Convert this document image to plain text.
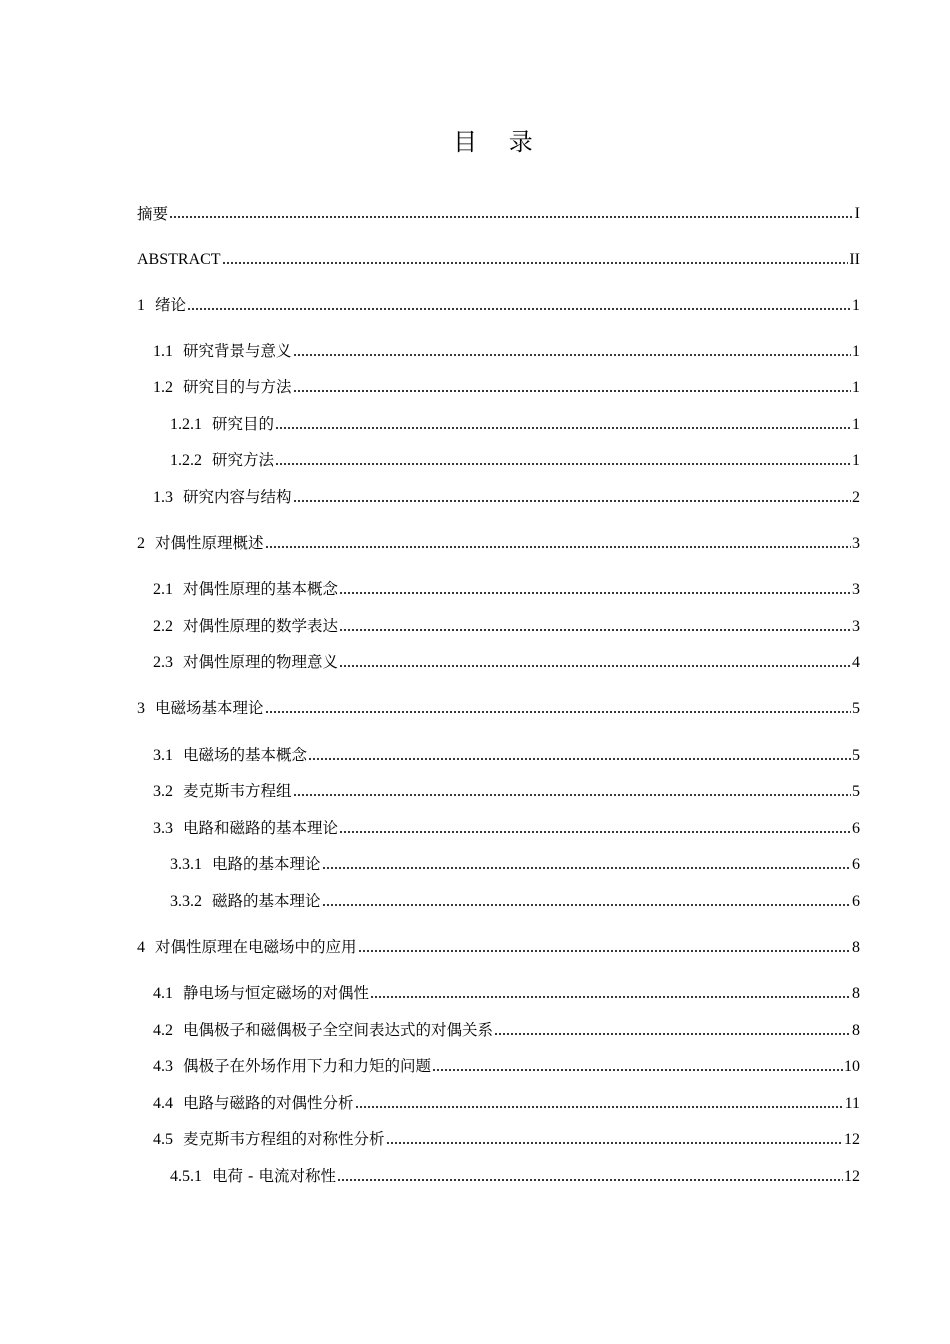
目 录
摘要	I
ABSTRACT	II
1 绪论	1
1.1 研究背景与意义	1
1.2 研究目的与方法	1
1.2.1 研究目的	1
1.2.2 研究方法	1
1.3 研究内容与结构	2
2 对偶性原理概述	3
2.1 对偶性原理的基本概念	3
2.2 对偶性原理的数学表达	3
2.3 对偶性原理的物理意义	4
3 电磁场基本理论	5
3.1 电磁场的基本概念	5
3.2 麦克斯韦方程组	5
3.3 电路和磁路的基本理论	6
3.3.1 电路的基本理论	6
3.3.2 磁路的基本理论	6
4 对偶性原理在电磁场中的应用	8
4.1 静电场与恒定磁场的对偶性	8
4.2 电偶极子和磁偶极子全空间表达式的对偶关系	8
4.3 偶极子在外场作用下力和力矩的问题	10
4.4 电路与磁路的对偶性分析	11
4.5 麦克斯韦方程组的对称性分析	12
4.5.1 电荷 - 电流对称性	12
